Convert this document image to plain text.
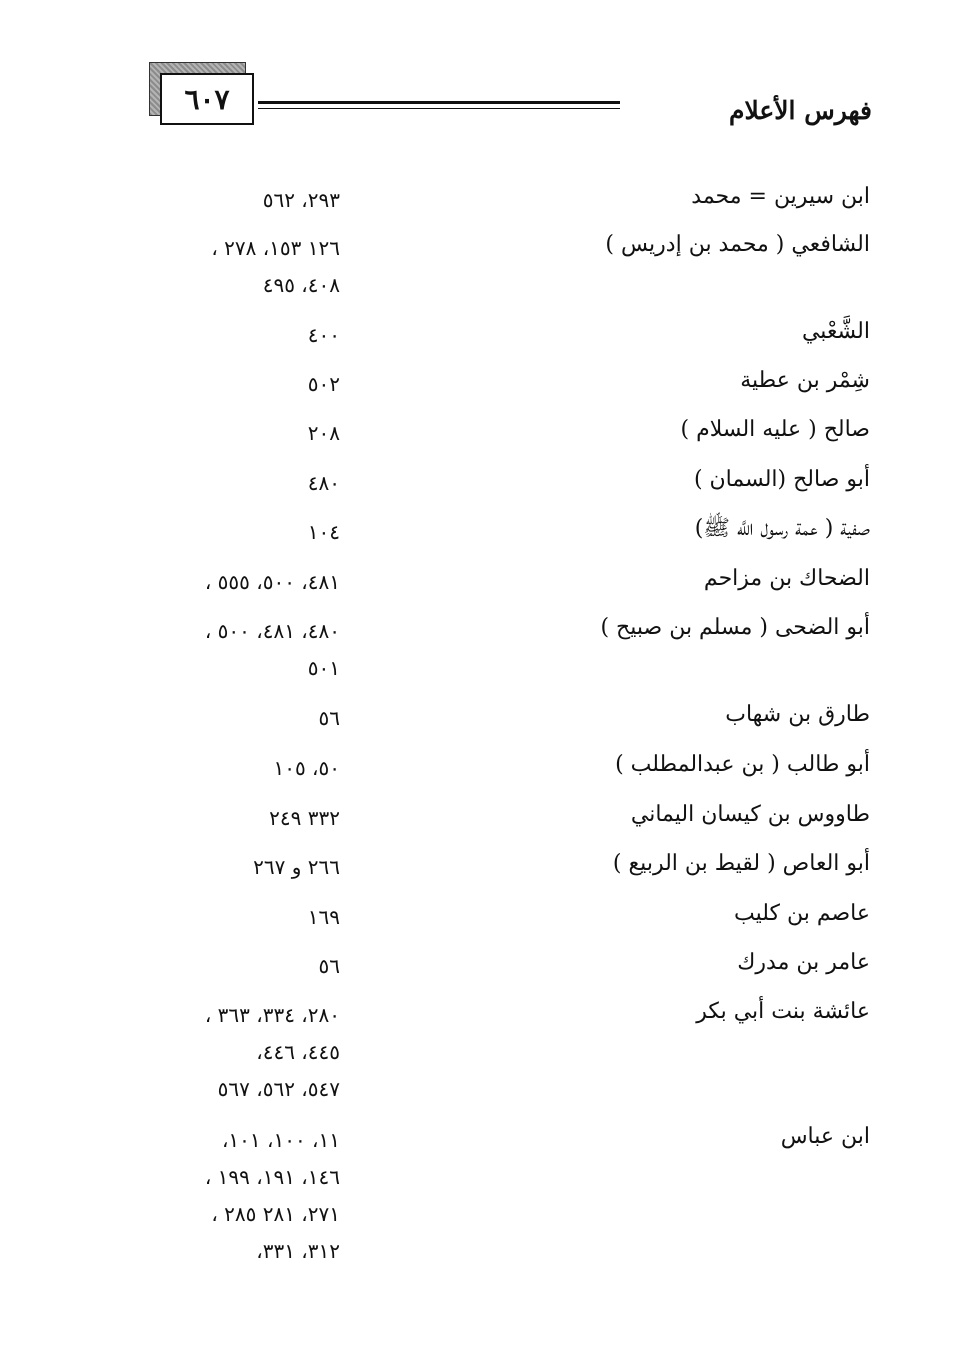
٦٠٧	فهرس الأعلام
ابن سيرين = محمد
٢٩٣، ٥٦٢
الشافعي ( محمد بن إدريس )
١٢٦ ١٥٣، ٢٧٨ ،
٤٠٨، ٤٩٥
الشَّعْبي
٤٠٠
شِمْر بن عطية
٥٠٢
صالح ( عليه السلام )
٢٠٨
أبو صالح (السمان )
٤٨٠
صفية ( عمة رسول اللَّه ﷺ)
١٠٤
الضحاك بن مزاحم
٤٨١، ٥٠٠، ٥٥٥ ،
أبو الضحى ( مسلم بن صبيح )
٤٨٠، ٤٨١، ٥٠٠ ،
٥٠١
طارق بن شهاب
٥٦
أبو طالب ( بن عبدالمطلب )
٥٠، ١٠٥
طاووس بن كيسان اليماني
٣٣٢ ٢٤٩
أبو العاص ( لقيط بن الربيع )
٢٦٦ و ٢٦٧
عاصم بن كليب
١٦٩
عامر بن مدرك
٥٦
عائشة بنت أبي بكر
٢٨٠، ٣٣٤، ٣٦٣ ،
٤٤٥، ٤٤٦،
٥٤٧، ٥٦٢، ٥٦٧
ابن عباس
١١، ١٠٠، ١٠١،
١٤٦، ١٩١، ١٩٩ ،
٢٧١، ٢٨١ ٢٨٥ ،
٣١٢، ٣٣١،
